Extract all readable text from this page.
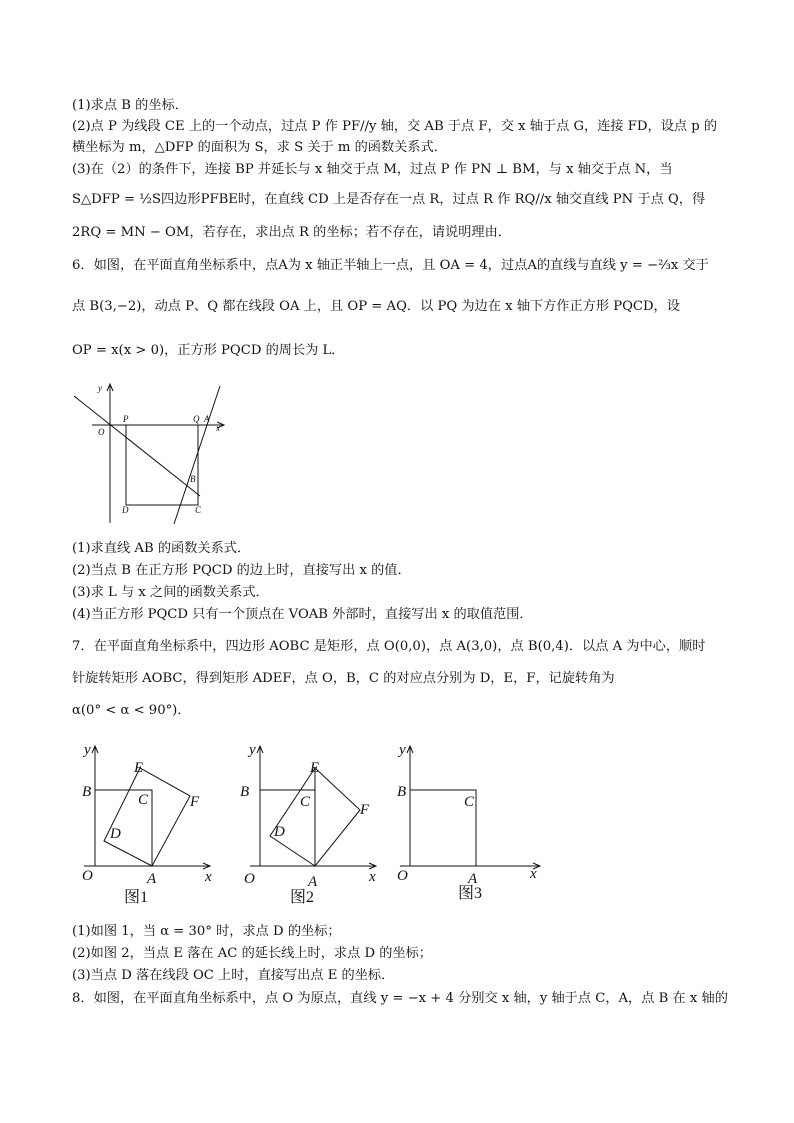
(1)求点 B 的坐标．
(2)点 P 为线段 CE 上的一个动点，过点 P 作 PF//y 轴，交 AB 于点 F，交 x 轴于点 G，连接 FD，设点 p 的
横坐标为 m，△DFP 的面积为 S，求 S 关于 m 的函数关系式．
(3)在（2）的条件下，连接 BP 并延长与 x 轴交于点 M，过点 P 作 PN ⊥ BM，与 x 轴交于点 N，当
S△DFP = ½S四边形PFBE时，在直线 CD 上是否存在一点 R，过点 R 作 RQ//x 轴交直线 PN 于点 Q，得
2RQ = MN − OM，若存在，求出点 R 的坐标；若不存在，请说明理由．
6．如图，在平面直角坐标系中，点A为 x 轴正半轴上一点，且 OA = 4，过点A的直线与直线 y = −⅔x 交于
点 B(3,−2)，动点 P、Q 都在线段 OA 上，且 OP = AQ．以 PQ 为边在 x 轴下方作正方形 PQCD，设
OP = x(x > 0)，正方形 PQCD 的周长为 L．
y
O
P	Q A
x
B
D	C
(1)求直线 AB 的函数关系式．
(2)当点 B 在正方形 PQCD 的边上时，直接写出 x 的值．
(3)求 L 与 x 之间的函数关系式．
(4)当正方形 PQCD 只有一个顶点在 VOAB 外部时，直接写出 x 的取值范围．
7．在平面直角坐标系中，四边形 AOBC 是矩形，点 O(0,0)，点 A(3,0)，点 B(0,4)．以点 A 为中心，顺时
针旋转矩形 AOBC，得到矩形 ADEF，点 O，B，C 的对应点分别为 D，E，F，记旋转角为
α(0° < α < 90°)．
y
B
O	A	x
E
C	F
D
y
B
O	A	x
E
C	F
D
y
B
O	A	x
C
图1	图2	图3
(1)如图 1，当 α = 30° 时，求点 D 的坐标；
(2)如图 2，当点 E 落在 AC 的延长线上时，求点 D 的坐标；
(3)当点 D 落在线段 OC 上时，直接写出点 E 的坐标．
8．如图，在平面直角坐标系中，点 O 为原点，直线 y = −x + 4 分别交 x 轴，y 轴于点 C，A，点 B 在 x 轴的
